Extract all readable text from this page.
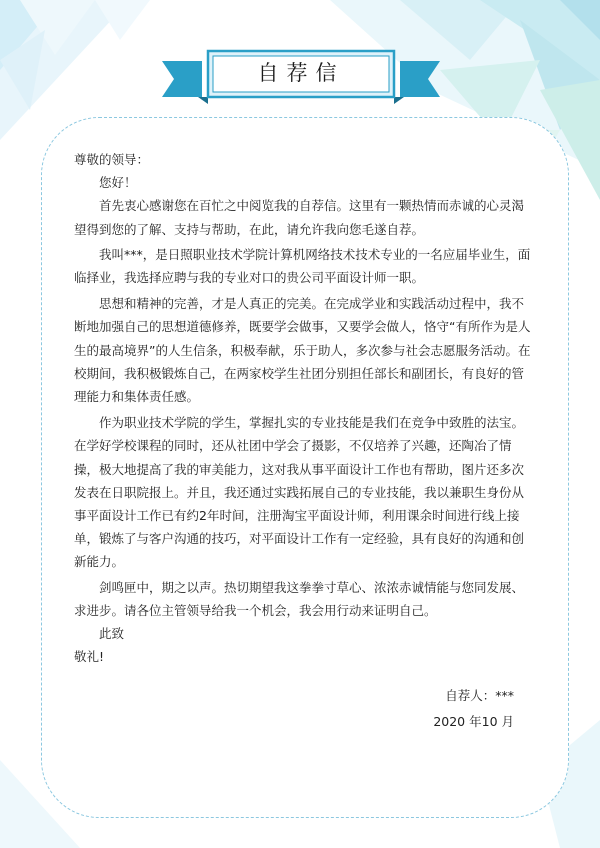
自荐信

尊敬的领导：

您好！

首先衷心感谢您在百忙之中阅览我的自荐信。这里有一颗热情而赤诚的心灵渴望得到您的了解、支持与帮助，在此，请允许我向您毛遂自荐。

我叫***，是日照职业技术学院计算机网络技术技术专业的一名应届毕业生，面临择业，我选择应聘与我的专业对口的贵公司平面设计师一职。

思想和精神的完善，才是人真正的完美。在完成学业和实践活动过程中，我不断地加强自己的思想道德修养，既要学会做事，又要学会做人，恪守“有所作为是人生的最高境界”的人生信条，积极奉献，乐于助人，多次参与社会志愿服务活动。在校期间，我积极锻炼自己，在两家校学生社团分别担任部长和副团长，有良好的管理能力和集体责任感。

作为职业技术学院的学生，掌握扎实的专业技能是我们在竞争中致胜的法宝。在学好学校课程的同时，还从社团中学会了摄影，不仅培养了兴趣，还陶冶了情操，极大地提高了我的审美能力，这对我从事平面设计工作也有帮助，图片还多次发表在日职院报上。并且，我还通过实践拓展自己的专业技能，我以兼职生身份从事平面设计工作已有约2年时间，注册淘宝平面设计师，利用课余时间进行线上接单，锻炼了与客户沟通的技巧，对平面设计工作有一定经验，具有良好的沟通和创新能力。

剑鸣匣中，期之以声。热切期望我这拳拳寸草心、浓浓赤诚情能与您同发展、求进步。请各位主管领导给我一个机会，我会用行动来证明自己。

此致

敬礼!

自荐人：***
2020 年10 月
